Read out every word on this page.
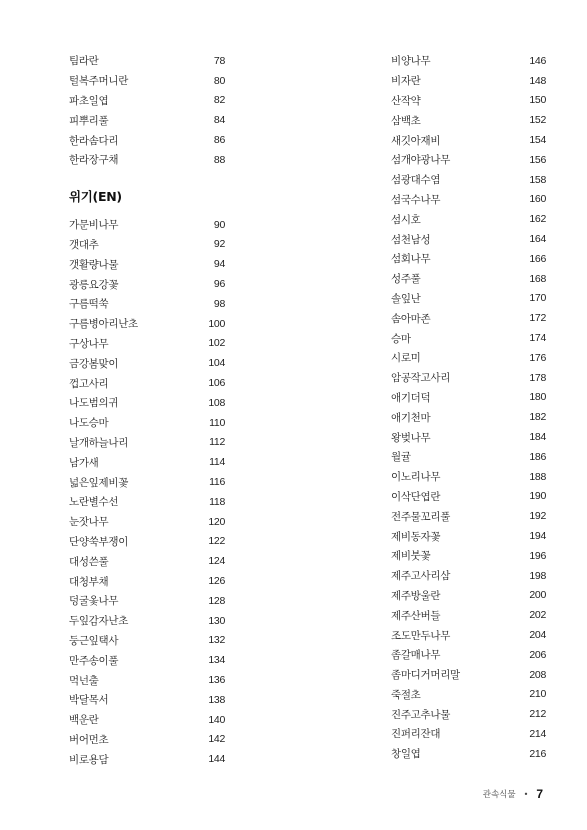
팀라란	78
털복주머니란	80
파초일엽	82
피뿌리풀	84
한라솜다리	86
한라장구채	88
위기(EN)
가문비나무	90
갯대추	92
갯활량나물	94
광릉요강꽃	96
구름떡쑥	98
구름병아리난초	100
구상나무	102
금강봄맞이	104
껍고사리	106
나도범의귀	108
나도승마	110
날개하늘나리	112
남가새	114
넓은잎제비꽃	116
노란별수선	118
눈잣나무	120
단양쑥부쟁이	122
대성쓴풀	124
대청부채	126
덩굴옻나무	128
두잎감자난초	130
둥근잎택사	132
만주송이풀	134
먹넌출	136
박달목서	138
백운란	140
버어먼초	142
비로용담	144
비양나무	146
비자란	148
산작약	150
삼백초	152
새깃아재비	154
섬개야광나무	156
섬광대수염	158
섬국수나무	160
섬시호	162
섬천남성	164
섬회나무	166
성주풀	168
솔잎난	170
솜아마존	172
승마	174
시로미	176
암공작고사리	178
애기더덕	180
애기천마	182
왕벚나무	184
월귤	186
이노리나무	188
이삭단엽란	190
전주물꼬리풀	192
제비동자꽃	194
제비붓꽃	196
제주고사리삼	198
제주방울란	200
제주산버들	202
조도만두나무	204
좀갈매나무	206
좀마디거머리말	208
죽절초	210
진주고추나물	212
진퍼리잔대	214
창일엽	216
관속식물 • 7
